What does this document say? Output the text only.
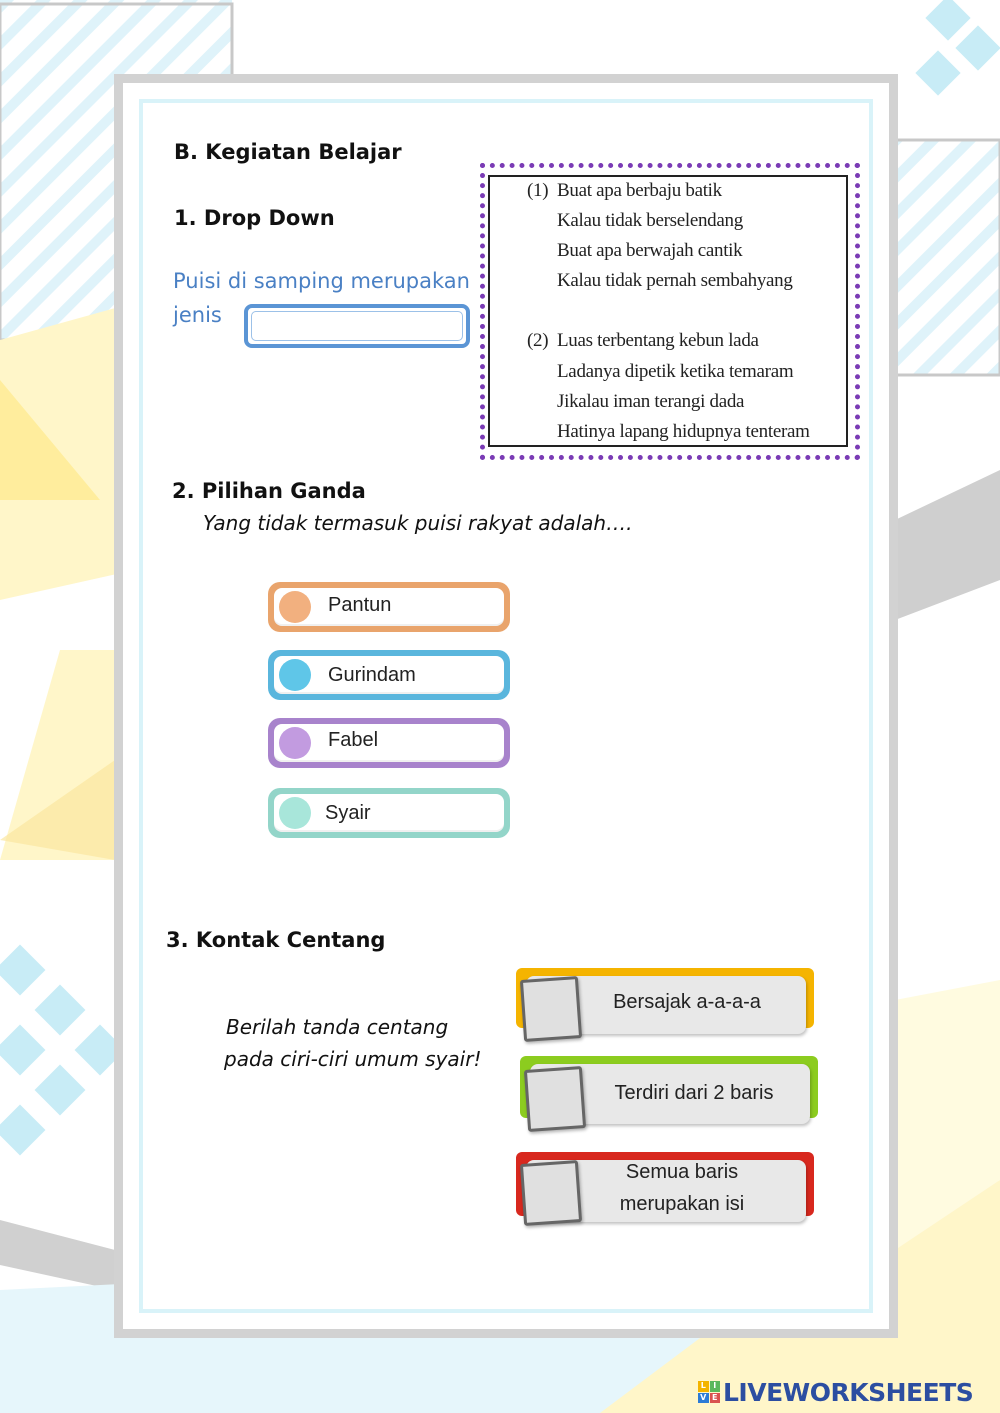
B. Kegiatan Belajar
1. Drop Down
Puisi di samping merupakan
jenis
(1) Buat apa berbaju batik
Kalau tidak berselendang
Buat apa berwajah cantik
Kalau tidak pernah sembahyang
(2) Luas terbentang kebun lada
Ladanya dipetik ketika temaram
Jikalau iman terangi dada
Hatinya lapang hidupnya tenteram
2. Pilihan Ganda
Yang tidak termasuk puisi rakyat adalah….
Pantun
Gurindam
Fabel
Syair
3. Kontak Centang
Berilah tanda centang
pada ciri-ciri umum syair!
Bersajak a-a-a-a
Terdiri dari 2 baris
Semua baris
merupakan isi
L I
V E LIVEWORKSHEETS
